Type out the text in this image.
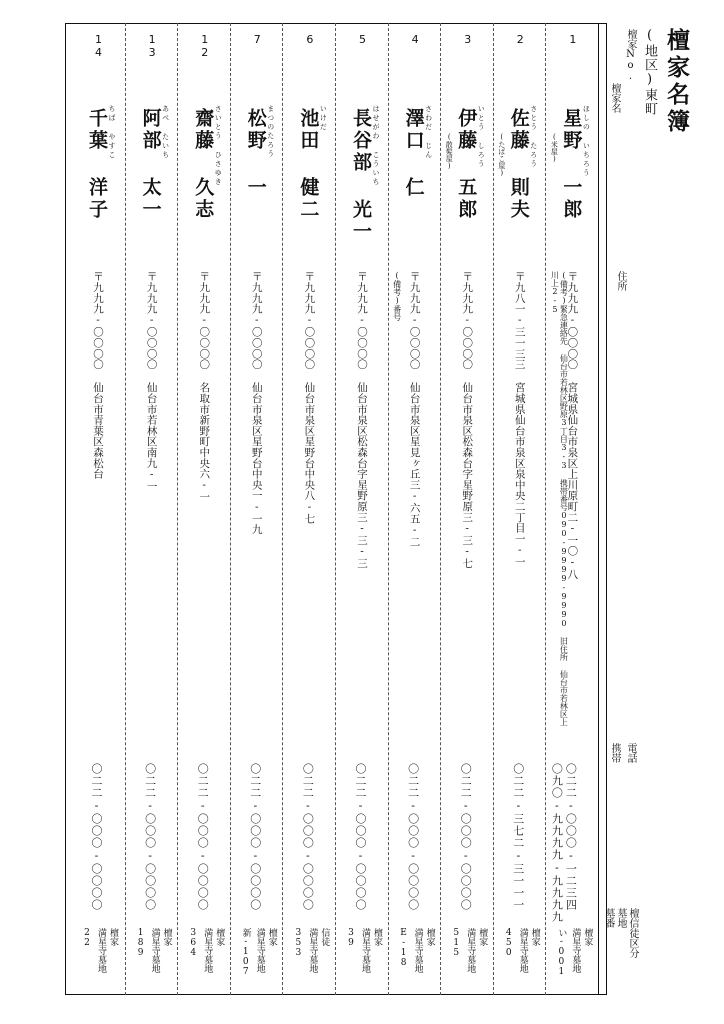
檀家名簿
(地区)東町
檀家No.
檀家名
住所
電話
携帯
檀信徒区分
墓地
墓番
1
星野 一郎 ほしの いちろう
(米屋)
〒九九九-〇〇〇〇 宮城県仙台市泉区上川原町二-一〇-八
(備考)緊急連絡先 仙台市若林区野原3丁目3-3 携帯番号090-9999-9990 旧住所 仙台市若林区上川上2-5
〇二二-〇〇〇-一二三四
〇九〇-九九九九-九九九九
檀家
満星寺墓地
い-001
2
佐藤 則夫 さとう たろう
(たばこ屋)
〒九八一-三一三三 宮城県仙台市泉区泉中央二丁目一-一
〇二二-三七二-三一一一
檀家
満星寺墓地
450
3
伊藤 五郎 いとう しろう
(散髪屋)
〒九九九-〇〇〇〇 仙台市泉区松森台字星野原三-三-七
〇二二-〇〇〇-〇〇〇〇
檀家
満星寺墓地
515
4
澤口 仁 さわだ じん
〒九九九-〇〇〇〇 仙台市泉区星見ヶ丘三-六五-二
(備考)番号
〇二二-〇〇〇-〇〇〇〇
檀家
満星寺墓地
E-18
5
長谷部 光一 はせがわ こういち
〒九九九-〇〇〇〇 仙台市泉区松森台字星野原三-三-三
〇二二-〇〇〇-〇〇〇〇
檀家
満星寺墓地
39
6
池田 健二 いけだ
〒九九九-〇〇〇〇 仙台市泉区星野台中央八-七
〇二二-〇〇〇-〇〇〇〇
信徒
満星寺墓地
353
7
松野 一 まつのたろう
〒九九九-〇〇〇〇 仙台市泉区星野台中央一-一九
〇二二-〇〇〇-〇〇〇〇
檀家
満星寺墓地
新-107
12
齋藤 久志 さいとう ひさゆき
〒九九九-〇〇〇〇 名取市新野町中央六-一
〇二二-〇〇〇-〇〇〇〇
檀家
満星寺墓地
364
13
阿部 太一 あべ たいち
〒九九九-〇〇〇〇 仙台市若林区南九-一
〇二二-〇〇〇-〇〇〇〇
檀家
満星寺墓地
189
14
千葉 洋子 ちば やすこ
〒九九九-〇〇〇〇 仙台市青葉区森松台
〇二二-〇〇〇-〇〇〇〇
檀家
満星寺墓地
22
